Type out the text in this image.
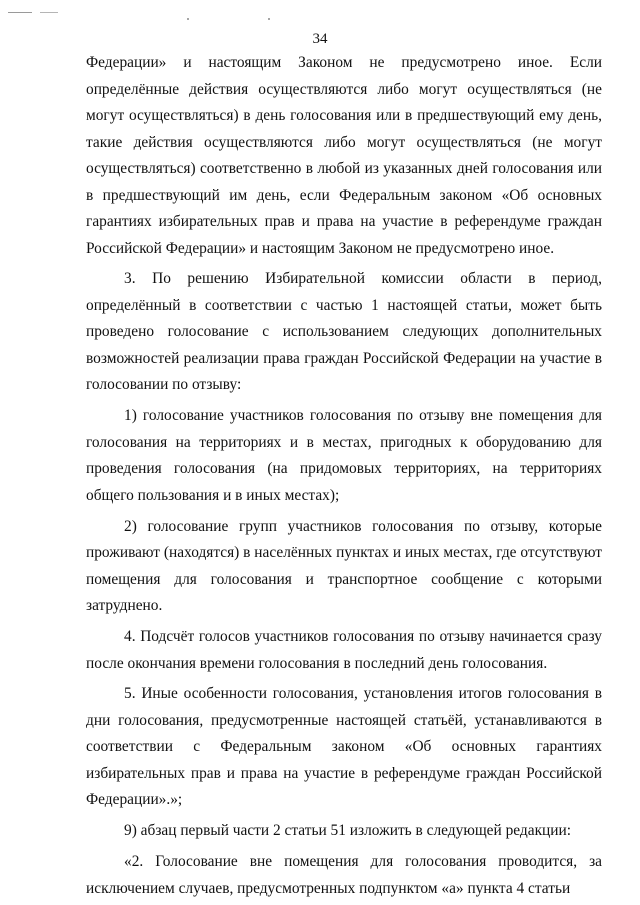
34

Федерации» и настоящим Законом не предусмотрено иное. Если определённые действия осуществляются либо могут осуществляться (не могут осуществляться) в день голосования или в предшествующий ему день, такие действия осуществляются либо могут осуществляться (не могут осуществляться) соответственно в любой из указанных дней голосования или в предшествующий им день, если Федеральным законом «Об основных гарантиях избирательных прав и права на участие в референдуме граждан Российской Федерации» и настоящим Законом не предусмотрено иное.

3. По решению Избирательной комиссии области в период, определённый в соответствии с частью 1 настоящей статьи, может быть проведено голосование с использованием следующих дополнительных возможностей реализации права граждан Российской Федерации на участие в голосовании по отзыву:

1) голосование участников голосования по отзыву вне помещения для голосования на территориях и в местах, пригодных к оборудованию для проведения голосования (на придомовых территориях, на территориях общего пользования и в иных местах);

2) голосование групп участников голосования по отзыву, которые проживают (находятся) в населённых пунктах и иных местах, где отсутствуют помещения для голосования и транспортное сообщение с которыми затруднено.

4. Подсчёт голосов участников голосования по отзыву начинается сразу после окончания времени голосования в последний день голосования.

5. Иные особенности голосования, установления итогов голосования в дни голосования, предусмотренные настоящей статьёй, устанавливаются в соответствии с Федеральным законом «Об основных гарантиях избирательных прав и права на участие в референдуме граждан Российской Федерации».»;

9) абзац первый части 2 статьи 51 изложить в следующей редакции:

«2. Голосование вне помещения для голосования проводится, за исключением случаев, предусмотренных подпунктом «а» пункта 4 статьи
